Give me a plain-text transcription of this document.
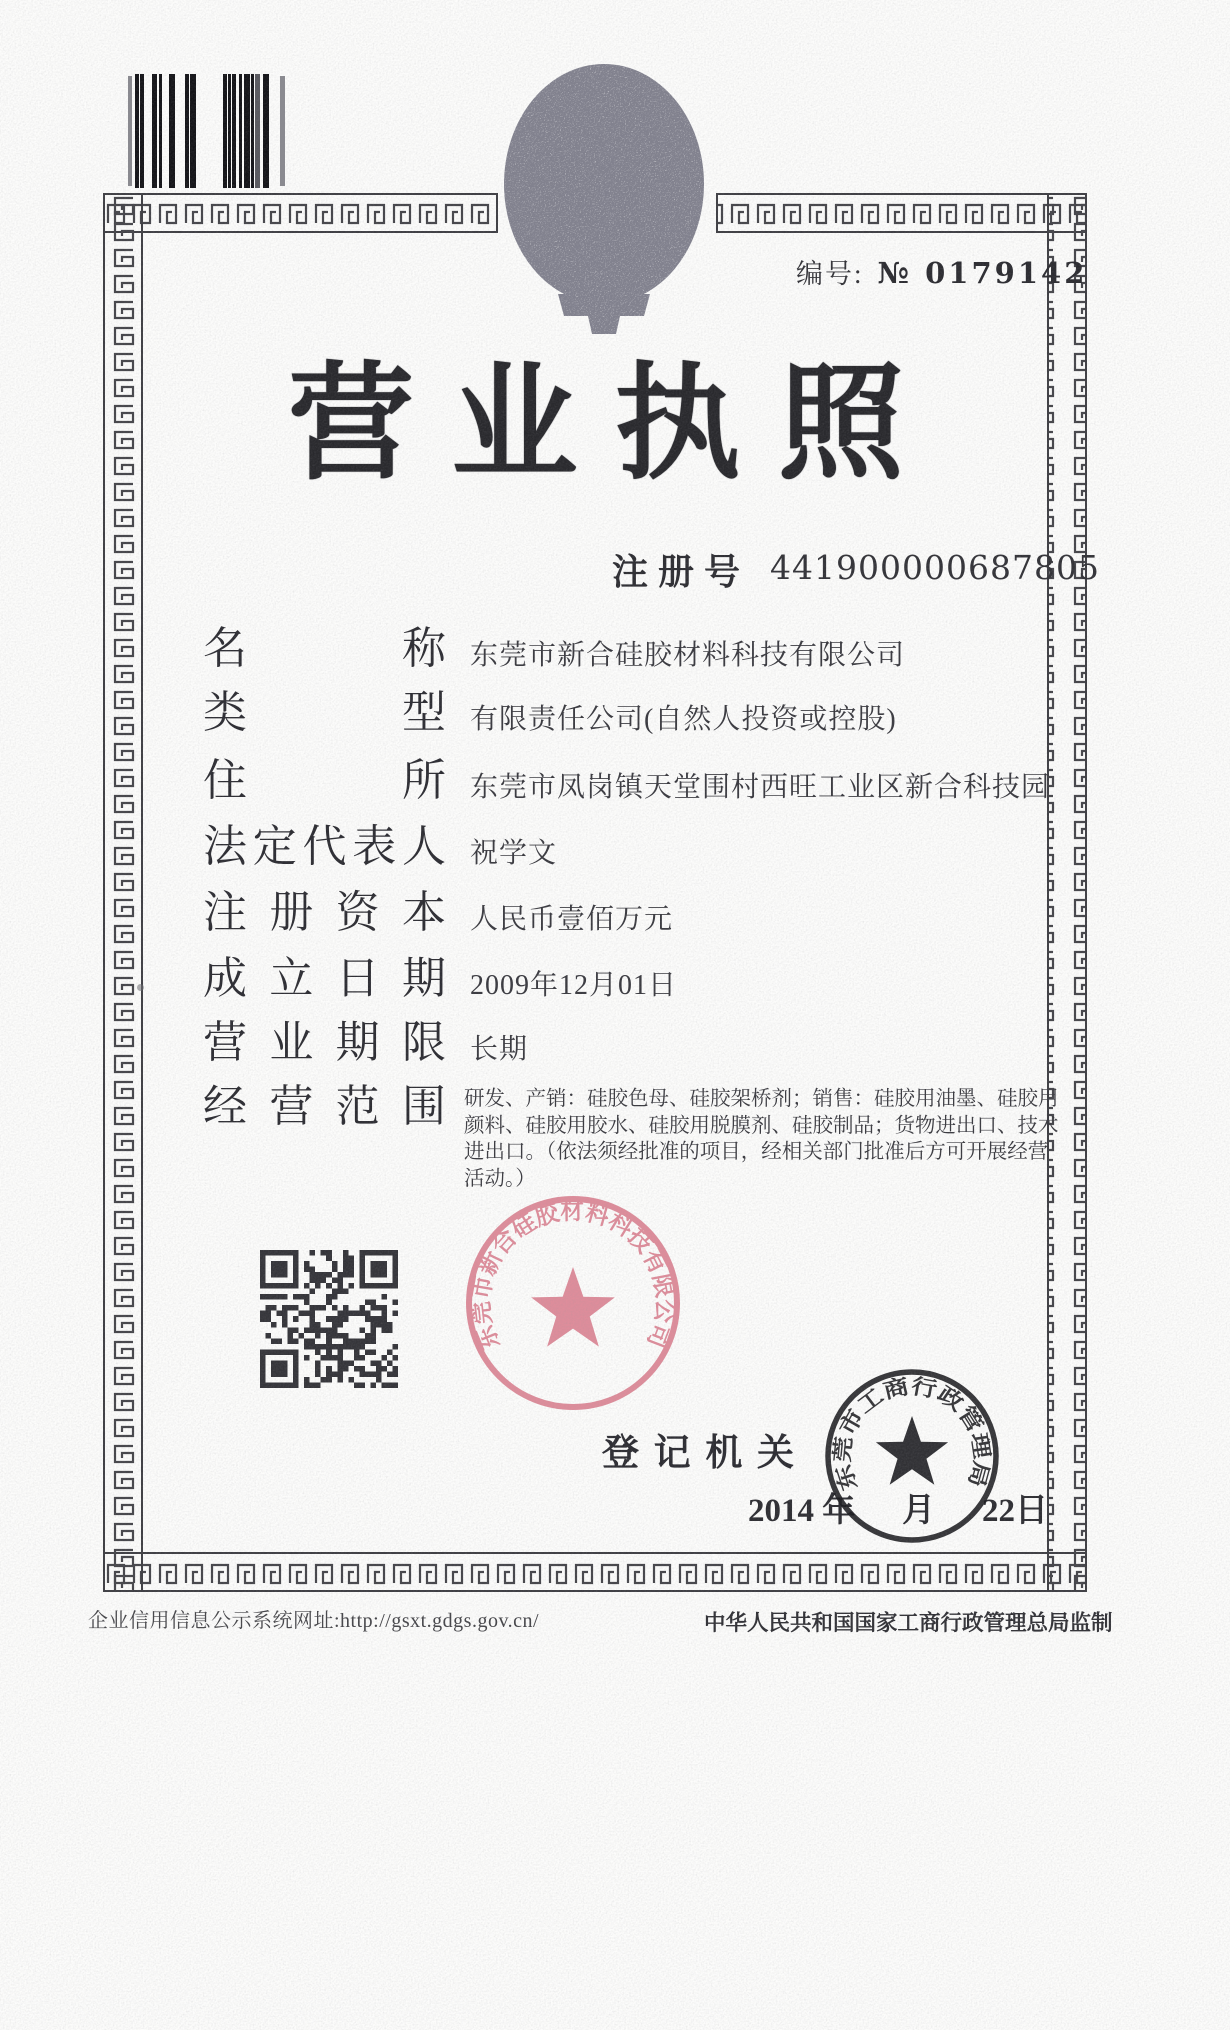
编号: № 0179142
营 业 执 照
注 册 号 441900000687805
名	称 东莞市新合硅胶材料科技有限公司
类	型 有限责任公司(自然人投资或控股)
住	所 东莞市凤岗镇天堂围村西旺工业区新合科技园
法 定 代 表 人 祝学文
注 册 资 本 人民币壹佰万元
成 立 日 期 2009年12月01日
营 业 期 限 长期
经 营 范 围 研发、产销：硅胶色母、硅胶架桥剂；销售：硅胶用油墨、硅胶用颜料、硅胶用胶水、硅胶用脱膜剂、硅胶制品；货物进出口、技术进出口。（依法须经批准的项目，经相关部门批准后方可开展经营活动。）
东莞市新合硅胶材料科技有限公司
登 记 机 关
2014 年 月 22日
东莞市工商行政管理局
企业信用信息公示系统网址:http://gsxt.gdgs.gov.cn/	中华人民共和国国家工商行政管理总局监制
